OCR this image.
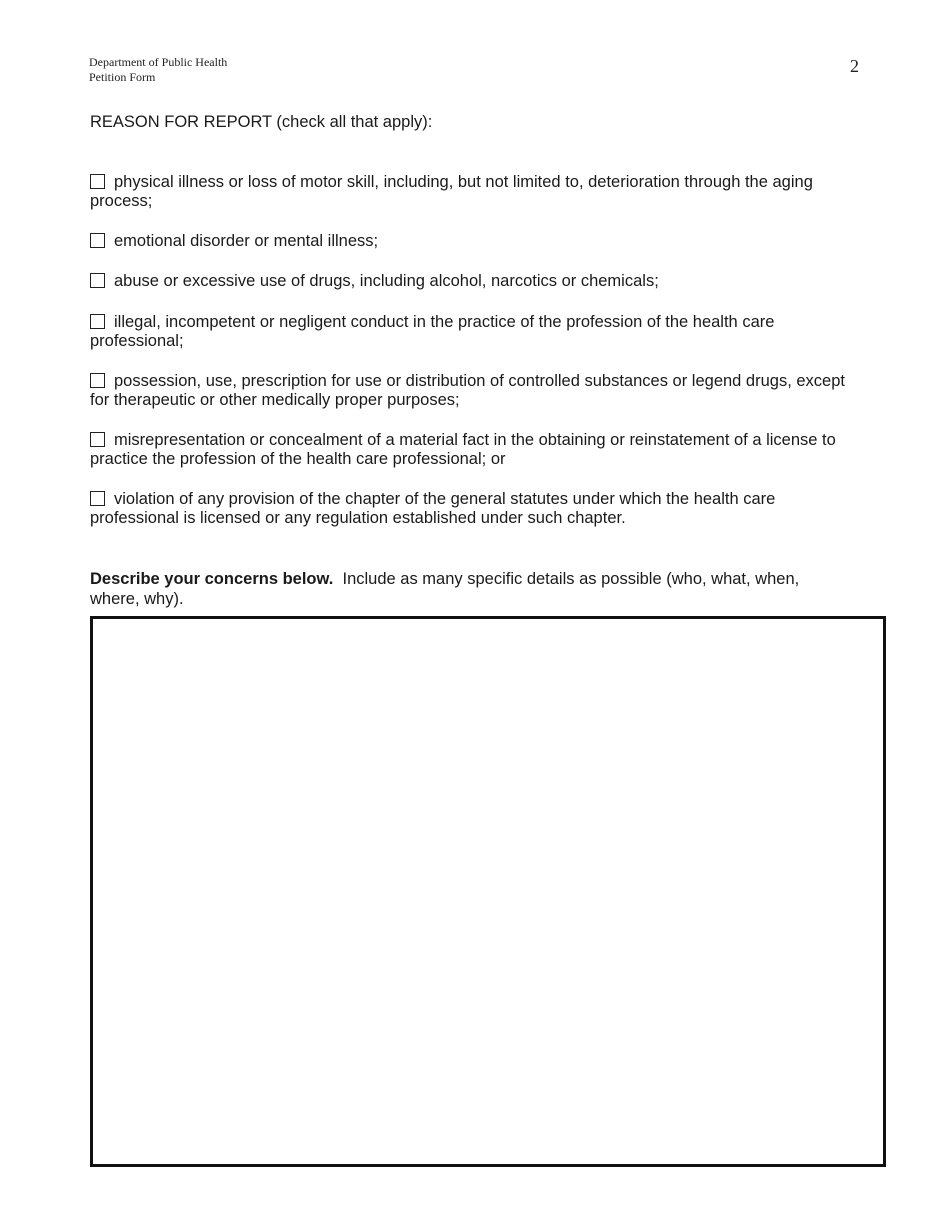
Department of Public Health
Petition Form
2
REASON FOR REPORT (check all that apply):
physical illness or loss of motor skill, including, but not limited to, deterioration through the aging process;
emotional disorder or mental illness;
abuse or excessive use of drugs, including alcohol, narcotics or chemicals;
illegal, incompetent or negligent conduct in the practice of the profession of the health care professional;
possession, use, prescription for use or distribution of controlled substances or legend drugs, except for therapeutic or other medically proper purposes;
misrepresentation or concealment of a material fact in the obtaining or reinstatement of a license to practice the profession of the health care professional; or
violation of any provision of the chapter of the general statutes under which the health care professional is licensed or any regulation established under such chapter.
Describe your concerns below. Include as many specific details as possible (who, what, when, where, why).
